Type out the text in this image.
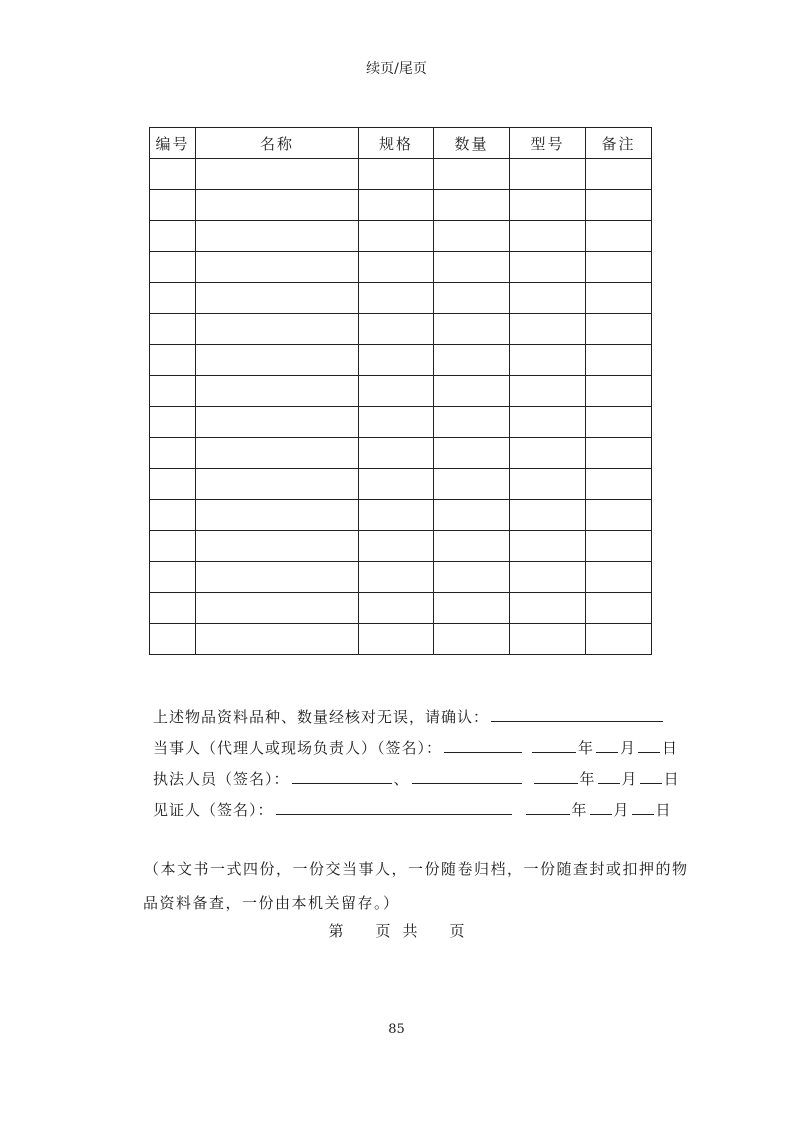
续页/尾页
编号	名称	规格	数量	型号	备注

上述物品资料品种、数量经核对无误，请确认：
当事人（代理人或现场负责人）（签名）：	年 月 日
执法人员（签名）：	、	年 月 日
见证人（签名）：	年 月 日
（本文书一式四份，一份交当事人，一份随卷归档，一份随查封或扣押的物
品资料备查，一份由本机关留存。）
第 页 共 页
85
